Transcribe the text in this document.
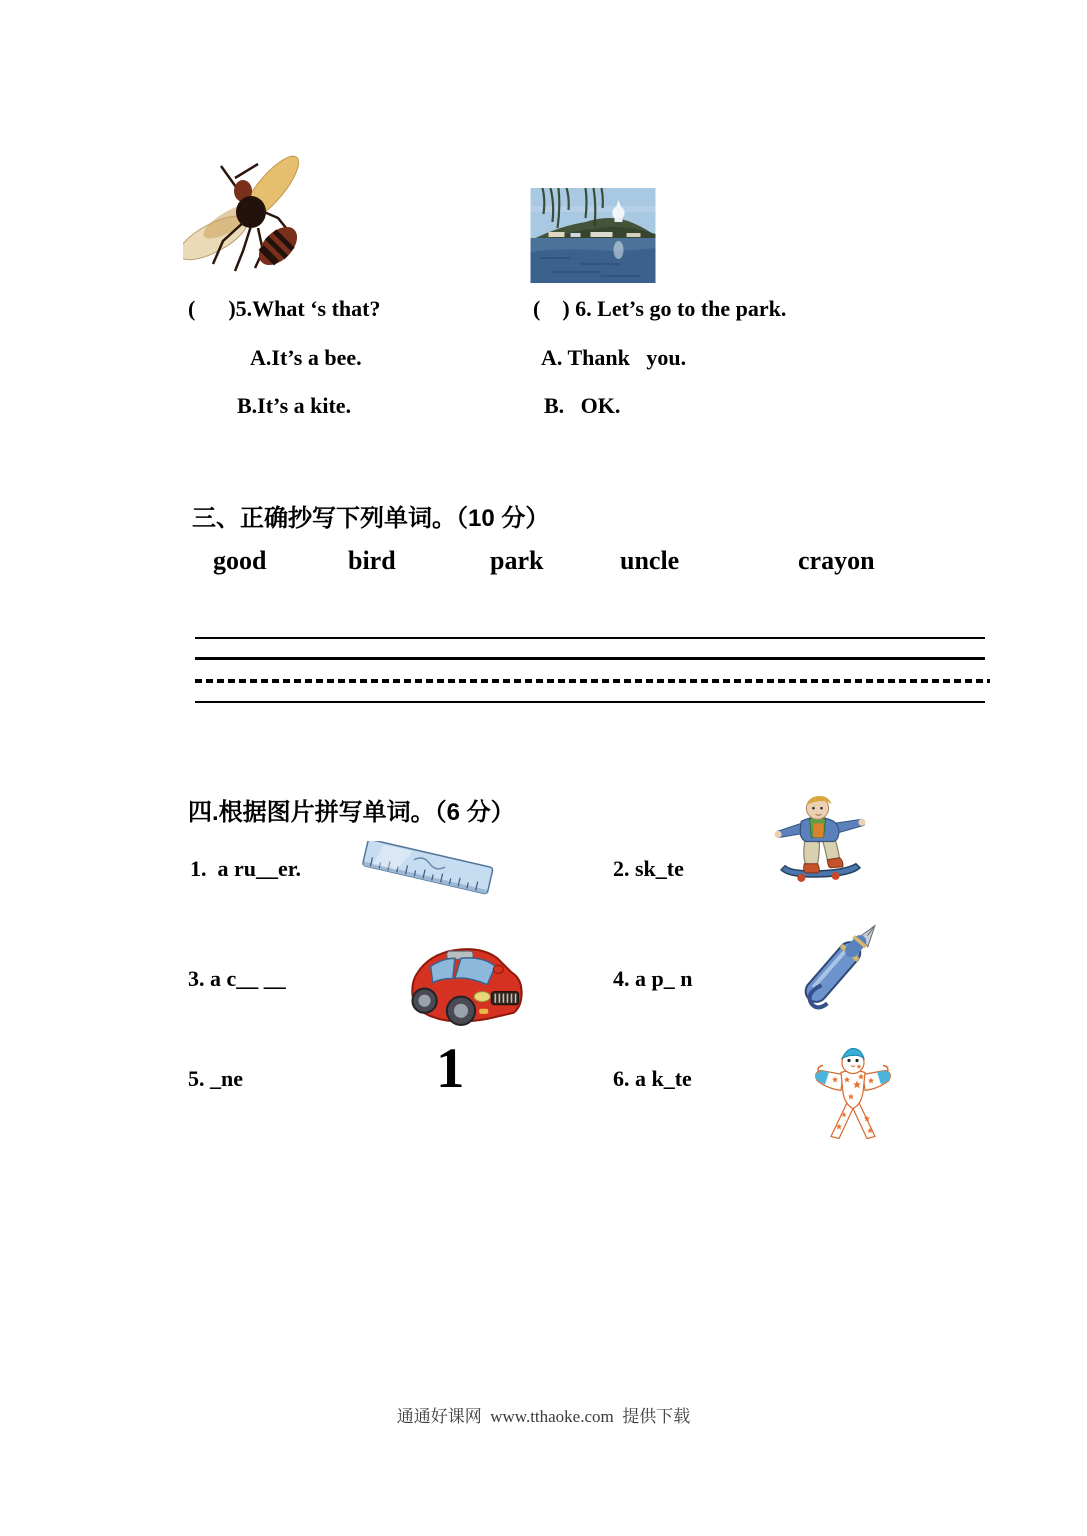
(      )5.What ‘s that?	(    ) 6. Let’s go to the park.
A.It’s a bee.	A. Thank   you.
B.It’s a kite.	B.   OK.
三、正确抄写下列单词。（10 分）
good	bird	park	uncle	crayon
四.根据图片拼写单词。（6 分）
1.  a ru__er.	2. sk_te
3. a c__ __	4. a p_ n
5. _ne	1	6. a k_te
通通好课网  www.tthaoke.com  提供下载
